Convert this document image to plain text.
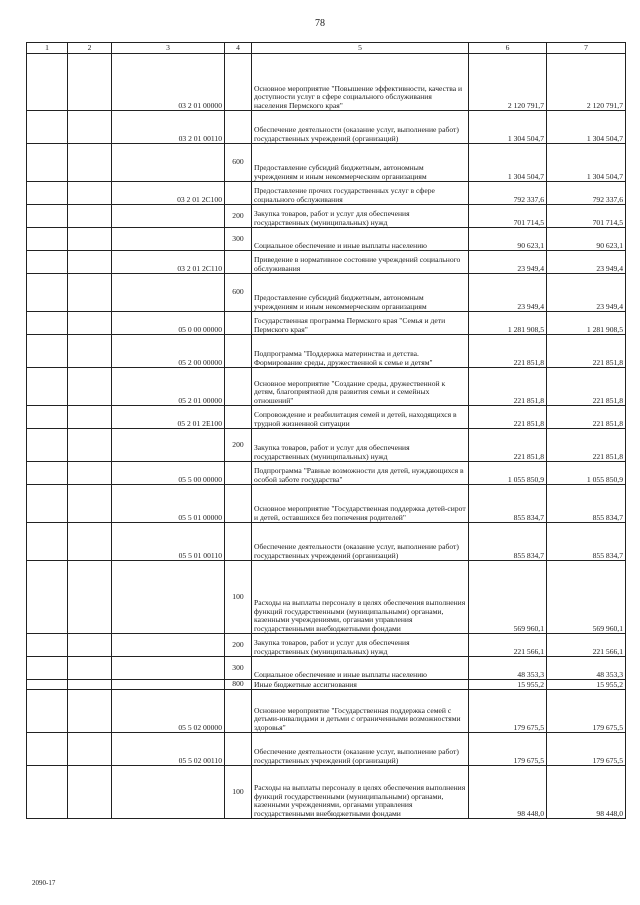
78
1	2	3	4	5	6	7
		03 2 01 00000		Основное мероприятие "Повышение эффективности, качества и доступности услуг в сфере социального обслуживания населения Пермского края"	2 120 791,7	2 120 791,7
		03 2 01 00110		Обеспечение деятельности (оказание услуг, выполнение работ) государственных учреждений (организаций)	1 304 504,7	1 304 504,7
			600	Предоставление субсидий бюджетным, автономным учреждениям и иным некоммерческим организациям	1 304 504,7	1 304 504,7
		03 2 01 2С100		Предоставление прочих государственных услуг в сфере социального обслуживания	792 337,6	792 337,6
			200	Закупка товаров, работ и услуг для обеспечения государственных (муниципальных) нужд	701 714,5	701 714,5
			300	Социальное обеспечение и иные выплаты населению	90 623,1	90 623,1
		03 2 01 2С110		Приведение в нормативное состояние учреждений социального обслуживания	23 949,4	23 949,4
			600	Предоставление субсидий бюджетным, автономным учреждениям и иным некоммерческим организациям	23 949,4	23 949,4
		05 0 00 00000		Государственная программа Пермского края "Семья и дети Пермского края"	1 281 908,5	1 281 908,5
		05 2 00 00000		Подпрограмма "Поддержка материнства и детства. Формирование среды, дружественной к семье и детям"	221 851,8	221 851,8
		05 2 01 00000		Основное мероприятие "Создание среды, дружественной к детям, благоприятной для развития семьи и семейных отношений"	221 851,8	221 851,8
		05 2 01 2Е100		Сопровождение и реабилитация семей и детей, находящихся в трудной жизненной ситуации	221 851,8	221 851,8
			200	Закупка товаров, работ и услуг для обеспечения государственных (муниципальных) нужд	221 851,8	221 851,8
		05 5 00 00000		Подпрограмма "Равные возможности для детей, нуждающихся в особой заботе государства"	1 055 850,9	1 055 850,9
		05 5 01 00000		Основное мероприятие "Государственная поддержка детей-сирот и детей, оставшихся без попечения родителей"	855 834,7	855 834,7
		05 5 01 00110		Обеспечение деятельности (оказание услуг, выполнение работ) государственных учреждений (организаций)	855 834,7	855 834,7
			100	Расходы на выплаты персоналу в целях обеспечения выполнения функций государственными (муниципальными) органами, казенными учреждениями, органами управления государственными внебюджетными фондами	569 960,1	569 960,1
			200	Закупка товаров, работ и услуг для обеспечения государственных (муниципальных) нужд	221 566,1	221 566,1
			300	Социальное обеспечение и иные выплаты населению	48 353,3	48 353,3
			800	Иные бюджетные ассигнования	15 955,2	15 955,2
		05 5 02 00000		Основное мероприятие "Государственная поддержка семей с детьми-инвалидами и детьми с ограниченными возможностями здоровья"	179 675,5	179 675,5
		05 5 02 00110		Обеспечение деятельности (оказание услуг, выполнение работ) государственных учреждений (организаций)	179 675,5	179 675,5
			100	Расходы на выплаты персоналу в целях обеспечения выполнения функций государственными (муниципальными) органами, казенными учреждениями, органами управления государственными внебюджетными фондами	98 448,0	98 448,0
2090-17
